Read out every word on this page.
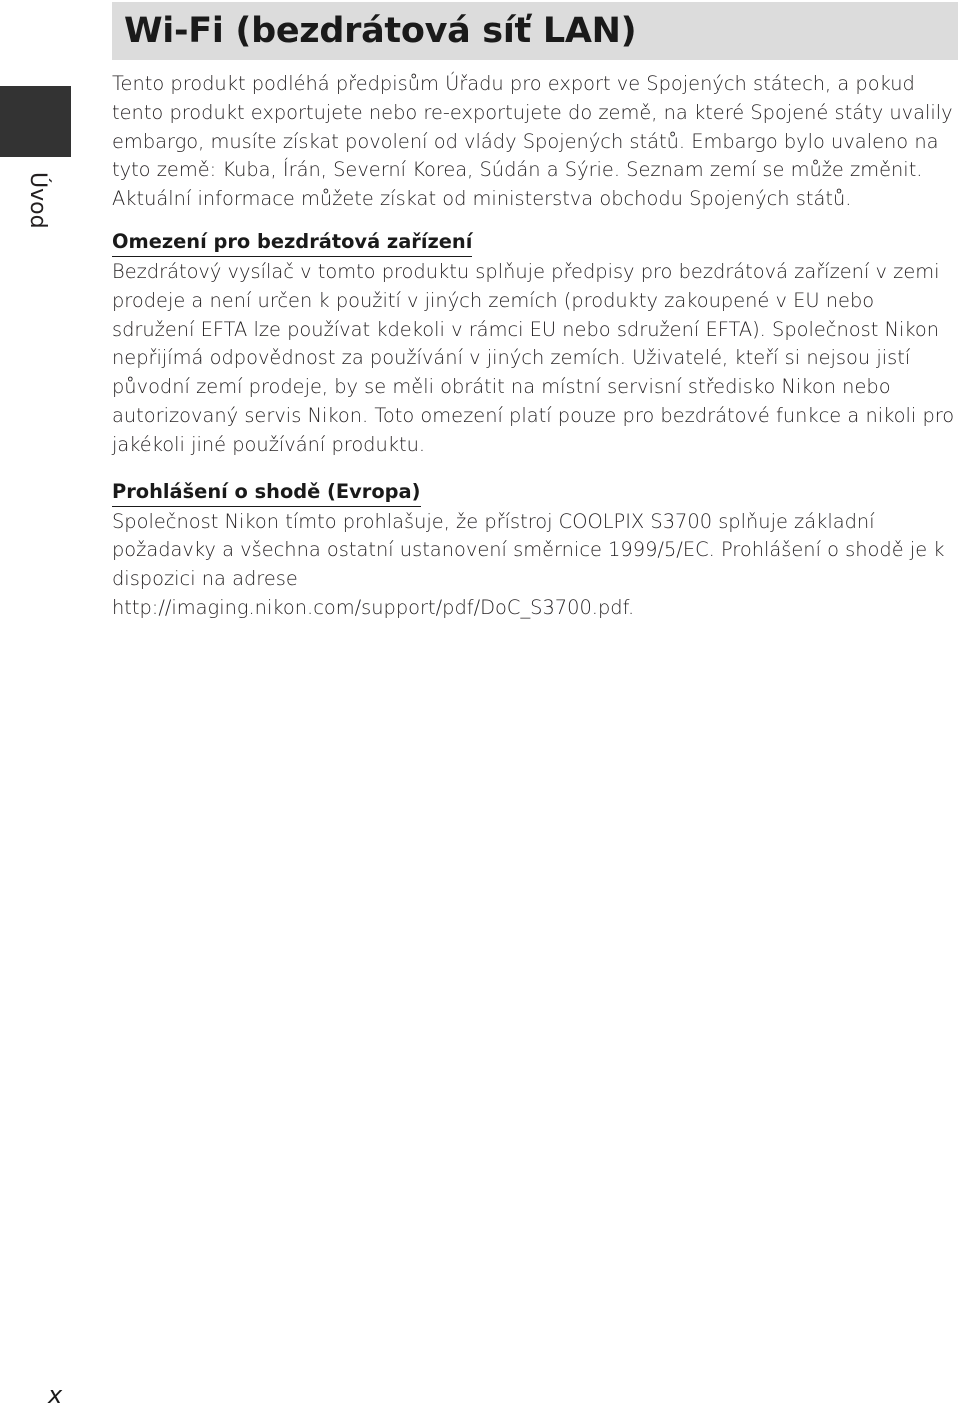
Wi-Fi (bezdrátová síť LAN)
Úvod

Tento produkt podléhá předpisům Úřadu pro export ve Spojených státech, a pokud tento produkt exportujete nebo re-exportujete do země, na které Spojené státy uvalily embargo, musíte získat povolení od vlády Spojených států. Embargo bylo uvaleno na tyto země: Kuba, Írán, Severní Korea, Súdán a Sýrie. Seznam zemí se může změnit. Aktuální informace můžete získat od ministerstva obchodu Spojených států.

Omezení pro bezdrátová zařízení

Bezdrátový vysílač v tomto produktu splňuje předpisy pro bezdrátová zařízení v zemi prodeje a není určen k použití v jiných zemích (produkty zakoupené v EU nebo sdružení EFTA lze používat kdekoli v rámci EU nebo sdružení EFTA). Společnost Nikon nepřijímá odpovědnost za používání v jiných zemích. Uživatelé, kteří si nejsou jistí původní zemí prodeje, by se měli obrátit na místní servisní středisko Nikon nebo autorizovaný servis Nikon. Toto omezení platí pouze pro bezdrátové funkce a nikoli pro jakékoli jiné používání produktu.

Prohlášení o shodě (Evropa)

Společnost Nikon tímto prohlašuje, že přístroj COOLPIX S3700 splňuje základní požadavky a všechna ostatní ustanovení směrnice 1999/5/EC. Prohlášení o shodě je k dispozici na adrese

http://imaging.nikon.com/support/pdf/DoC_S3700.pdf.

x
